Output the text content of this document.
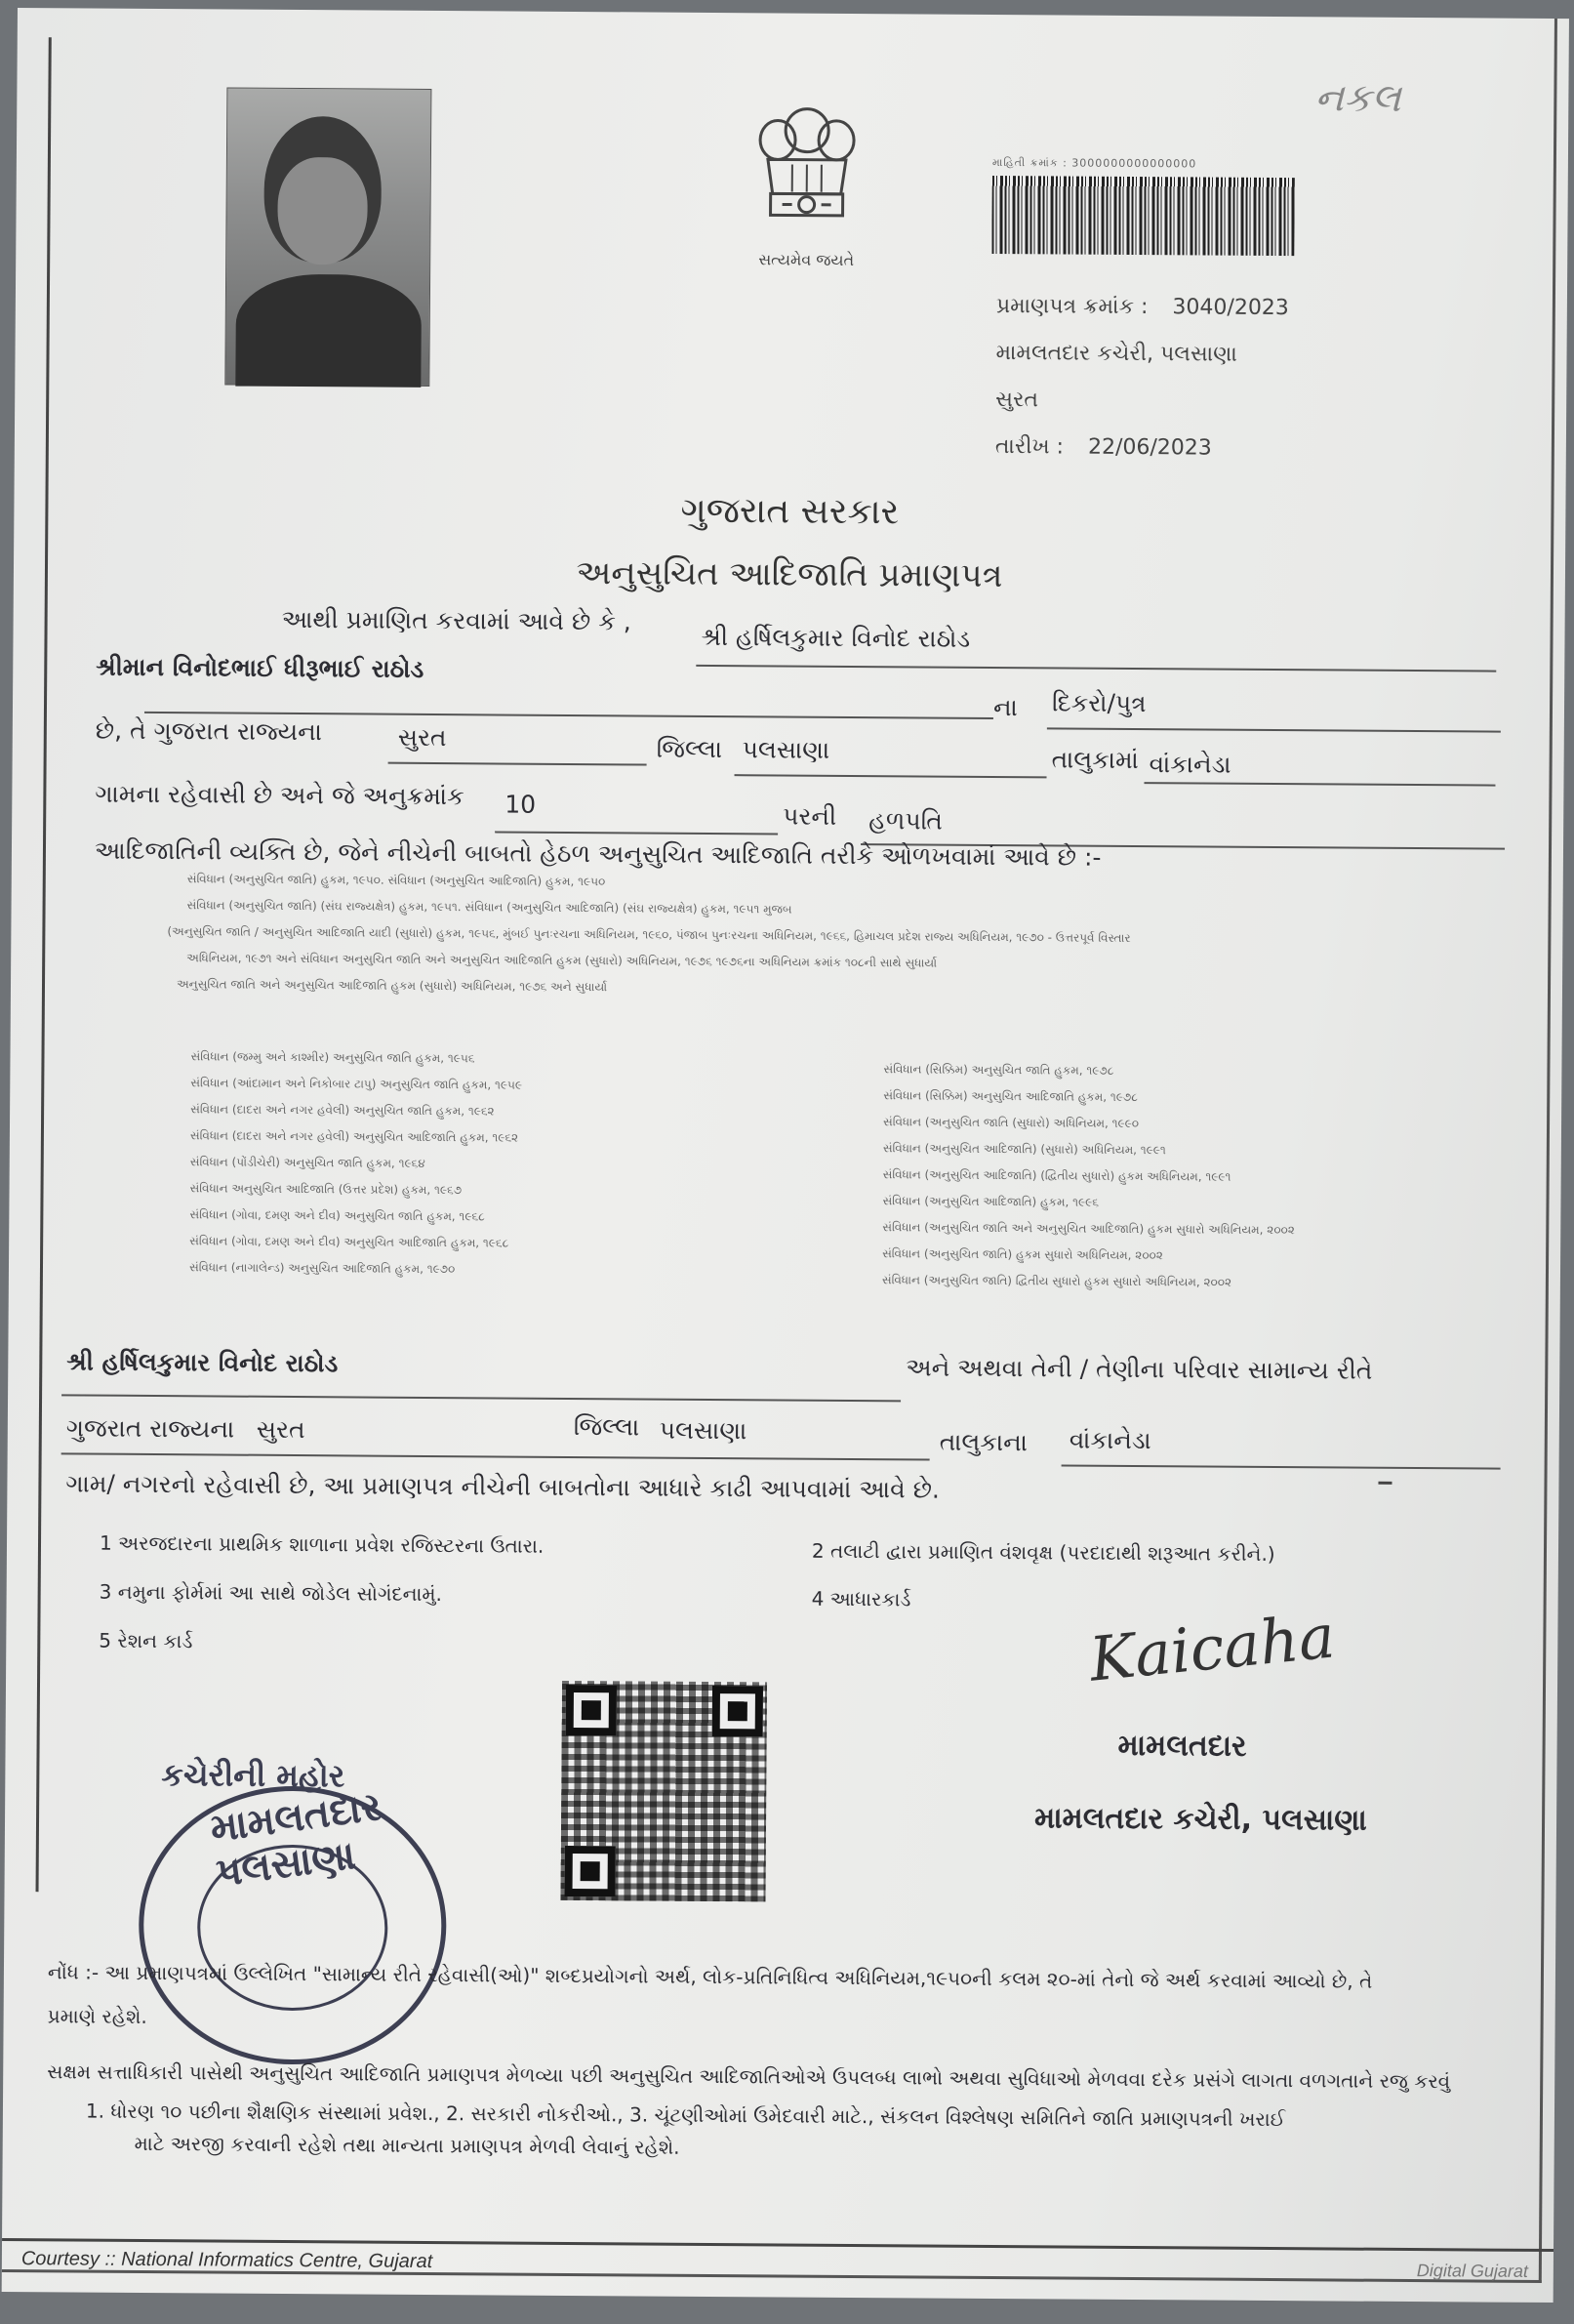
નકલ
સત્યમેવ જયતે
માહિતી ક્રમાંક : 3000000000000000
પ્રમાણપત્ર ક્રમાંક : 3040/2023
મામલતદાર કચેરી, પલસાણા
સુરત
તારીખ : 22/06/2023
ગુજરાત સરકાર
અનુસુચિત આદિજાતિ પ્રમાણપત્ર
આથી પ્રમાણિત કરવામાં આવે છે કે ,
શ્રી હર્ષિલકુમાર વિનોદ રાઠોડ
શ્રીમાન વિનોદભાઈ ધીરૂભાઈ રાઠોડ
ના દિકરો/પુત્ર
છે, તે ગુજરાત રાજ્યના	સુરત	જિલ્લા પલસાણા	તાલુકામાં વાંકાનેડા
ગામના રહેવાસી છે અને જે અનુક્રમાંક 10	પરની હળપતિ
આદિજાતિની વ્યક્તિ છે, જેને નીચેની બાબતો હેઠળ અનુસુચિત આદિજાતિ તરીકે ઓળખવામાં આવે છે :-
સંવિધાન (અનુસુચિત જાતિ) હુકમ, ૧૯૫૦. સંવિધાન (અનુસુચિત આદિજાતિ) હુકમ, ૧૯૫૦
સંવિધાન (અનુસુચિત જાતિ) (સંઘ રાજ્યક્ષેત્ર) હુકમ, ૧૯૫૧. સંવિધાન (અનુસુચિત આદિજાતિ) (સંઘ રાજ્યક્ષેત્ર) હુકમ, ૧૯૫૧ મુજબ
(અનુસુચિત જાતિ / અનુસુચિત આદિજાતિ યાદી (સુધારો) હુકમ, ૧૯૫૬, મુંબઈ પુનઃરચના અધિનિયમ, ૧૯૬૦, પંજાબ પુનઃરચના અધિનિયમ, ૧૯૬૬, હિમાચલ પ્રદેશ રાજ્ય અધિનિયમ, ૧૯૭૦ - ઉત્તરપૂર્વ વિસ્તાર
અધિનિયમ, ૧૯૭૧ અને સંવિધાન અનુસુચિત જાતિ અને અનુસુચિત આદિજાતિ હુકમ (સુધારો) અધિનિયમ, ૧૯૭૬ ૧૯૭૬ના અધિનિયમ ક્રમાંક ૧૦૮ની સાથે સુધાર્યા
અનુસુચિત જાતિ અને અનુસુચિત આદિજાતિ હુકમ (સુધારો) અધિનિયમ, ૧૯૭૬ અને સુધાર્યા
સંવિધાન (જમ્મુ અને કાશ્મીર) અનુસુચિત જાતિ હુકમ, ૧૯૫૬
સંવિધાન (આંદામાન અને નિકોબાર ટાપુ) અનુસુચિત જાતિ હુકમ, ૧૯૫૯
સંવિધાન (દાદરા અને નગર હવેલી) અનુસુચિત જાતિ હુકમ, ૧૯૬૨
સંવિધાન (દાદરા અને નગર હવેલી) અનુસુચિત આદિજાતિ હુકમ, ૧૯૬૨
સંવિધાન (પોંડીચેરી) અનુસુચિત જાતિ હુકમ, ૧૯૬૪
સંવિધાન અનુસુચિત આદિજાતિ (ઉત્તર પ્રદેશ) હુકમ, ૧૯૬૭
સંવિધાન (ગોવા, દમણ અને દીવ) અનુસુચિત જાતિ હુકમ, ૧૯૬૮
સંવિધાન (ગોવા, દમણ અને દીવ) અનુસુચિત આદિજાતિ હુકમ, ૧૯૬૮
સંવિધાન (નાગાલેન્ડ) અનુસુચિત આદિજાતિ હુકમ, ૧૯૭૦
સંવિધાન (સિક્કિમ) અનુસુચિત જાતિ હુકમ, ૧૯૭૮
સંવિધાન (સિક્કિમ) અનુસુચિત આદિજાતિ હુકમ, ૧૯૭૮
સંવિધાન (અનુસુચિત જાતિ (સુધારો) અધિનિયમ, ૧૯૯૦
સંવિધાન (અનુસુચિત આદિજાતિ) (સુધારો) અધિનિયમ, ૧૯૯૧
સંવિધાન (અનુસુચિત આદિજાતિ) (દ્વિતીય સુધારો) હુકમ અધિનિયમ, ૧૯૯૧
સંવિધાન (અનુસુચિત આદિજાતિ) હુકમ, ૧૯૯૬
સંવિધાન (અનુસુચિત જાતિ અને અનુસુચિત આદિજાતિ) હુકમ સુધારો અધિનિયમ, ૨૦૦૨
સંવિધાન (અનુસુચિત જાતિ) હુકમ સુધારો અધિનિયમ, ૨૦૦૨
સંવિધાન (અનુસુચિત જાતિ) દ્વિતીય સુધારો હુકમ સુધારો અધિનિયમ, ૨૦૦૨
શ્રી હર્ષિલકુમાર વિનોદ રાઠોડ	અને અથવા તેની / તેણીના પરિવાર સામાન્ય રીતે
ગુજરાત રાજ્યના સુરત	જિલ્લા પલસાણા	તાલુકાના વાંકાનેડા
ગામ/ નગરનો રહેવાસી છે, આ પ્રમાણપત્ર નીચેની બાબતોના આધારે કાઢી આપવામાં આવે છે.
1 અરજદારના પ્રાથમિક શાળાના પ્રવેશ રજિસ્ટરના ઉતારા.	2 તલાટી દ્વારા પ્રમાણિત વંશવૃક્ષ (પરદાદાથી શરૂઆત કરીને.)
3 નમુના ફોર્મમાં આ સાથે જોડેલ સોગંદનામું.	4 આધારકાર્ડ
5 રેશન કાર્ડ	Kaicaha
મામલતદાર
મામલતદાર કચેરી, પલસાણા
કચેરીની મહોર
મામલતદાર પલસાણા
નોંધ :- આ પ્રમાણપત્રમાં ઉલ્લેખિત "સામાન્ય રીતે રહેવાસી(ઓ)" શબ્દપ્રયોગનો અર્થ, લોક-પ્રતિનિધિત્વ અધિનિયમ,૧૯૫૦ની કલમ ૨૦-માં તેનો જે અર્થ કરવામાં આવ્યો છે, તે
પ્રમાણે રહેશે.
સક્ષમ સત્તાધિકારી પાસેથી અનુસુચિત આદિજાતિ પ્રમાણપત્ર મેળવ્યા પછી અનુસુચિત આદિજાતિઓએ ઉપલબ્ધ લાભો અથવા સુવિધાઓ મેળવવા દરેક પ્રસંગે લાગતા વળગતાને રજુ કરવું
1. ધોરણ ૧૦ પછીના શૈક્ષણિક સંસ્થામાં પ્રવેશ., 2. સરકારી નોકરીઓ., 3. ચૂંટણીઓમાં ઉમેદવારી માટે., સંકલન વિશ્લેષણ સમિતિને જાતિ પ્રમાણપત્રની ખરાઈ
માટે અરજી કરવાની રહેશે તથા માન્યતા પ્રમાણપત્ર મેળવી લેવાનું રહેશે.
Courtesy :: National Informatics Centre, Gujarat	Digital Gujarat
